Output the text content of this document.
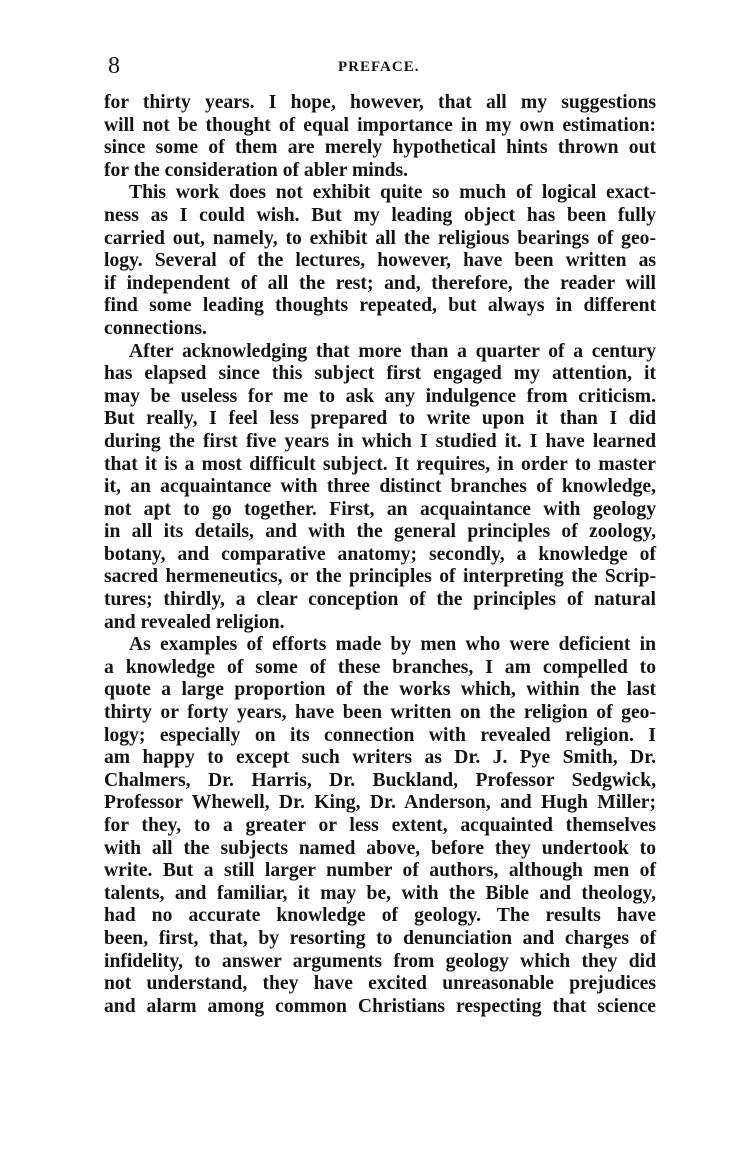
8	PREFACE.
for thirty years. I hope, however, that all my suggestions
will not be thought of equal importance in my own estimation:
since some of them are merely hypothetical hints thrown out
for the consideration of abler minds.
This work does not exhibit quite so much of logical exact-
ness as I could wish. But my leading object has been fully
carried out, namely, to exhibit all the religious bearings of geo-
logy. Several of the lectures, however, have been written as
if independent of all the rest; and, therefore, the reader will
find some leading thoughts repeated, but always in different
connections.
After acknowledging that more than a quarter of a century
has elapsed since this subject first engaged my attention, it
may be useless for me to ask any indulgence from criticism.
But really, I feel less prepared to write upon it than I did
during the first five years in which I studied it. I have learned
that it is a most difficult subject. It requires, in order to master
it, an acquaintance with three distinct branches of knowledge,
not apt to go together. First, an acquaintance with geology
in all its details, and with the general principles of zoology,
botany, and comparative anatomy; secondly, a knowledge of
sacred hermeneutics, or the principles of interpreting the Scrip-
tures; thirdly, a clear conception of the principles of natural
and revealed religion.
As examples of efforts made by men who were deficient in
a knowledge of some of these branches, I am compelled to
quote a large proportion of the works which, within the last
thirty or forty years, have been written on the religion of geo-
logy; especially on its connection with revealed religion. I
am happy to except such writers as Dr. J. Pye Smith, Dr.
Chalmers, Dr. Harris, Dr. Buckland, Professor Sedgwick,
Professor Whewell, Dr. King, Dr. Anderson, and Hugh Miller;
for they, to a greater or less extent, acquainted themselves
with all the subjects named above, before they undertook to
write. But a still larger number of authors, although men of
talents, and familiar, it may be, with the Bible and theology,
had no accurate knowledge of geology. The results have
been, first, that, by resorting to denunciation and charges of
infidelity, to answer arguments from geology which they did
not understand, they have excited unreasonable prejudices
and alarm among common Christians respecting that science
